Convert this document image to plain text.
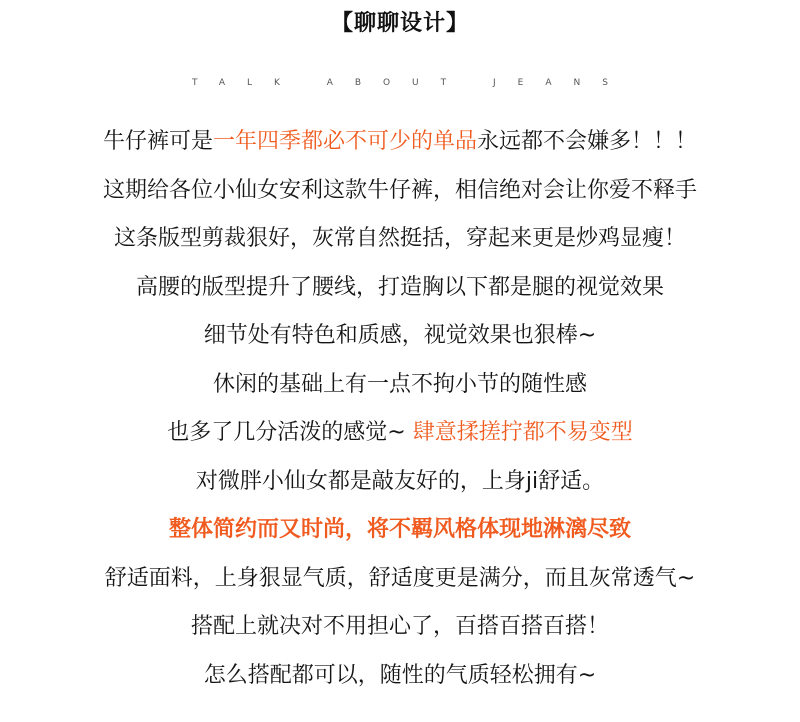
【聊聊设计】
TALK ABOUT JEANS
牛仔裤可是一年四季都必不可少的单品永远都不会嫌多！！！
这期给各位小仙女安利这款牛仔裤，相信绝对会让你爱不释手
这条版型剪裁狠好，灰常自然挺括，穿起来更是炒鸡显瘦！
高腰的版型提升了腰线，打造胸以下都是腿的视觉效果
细节处有特色和质感，视觉效果也狠棒~
休闲的基础上有一点不拘小节的随性感
也多了几分活泼的感觉~ 肆意揉搓拧都不易变型
对微胖小仙女都是敲友好的，上身ji舒适。
整体简约而又时尚，将不羁风格体现地淋漓尽致
舒适面料，上身狠显气质，舒适度更是满分，而且灰常透气~
搭配上就决对不用担心了，百搭百搭百搭！
怎么搭配都可以，随性的气质轻松拥有~
